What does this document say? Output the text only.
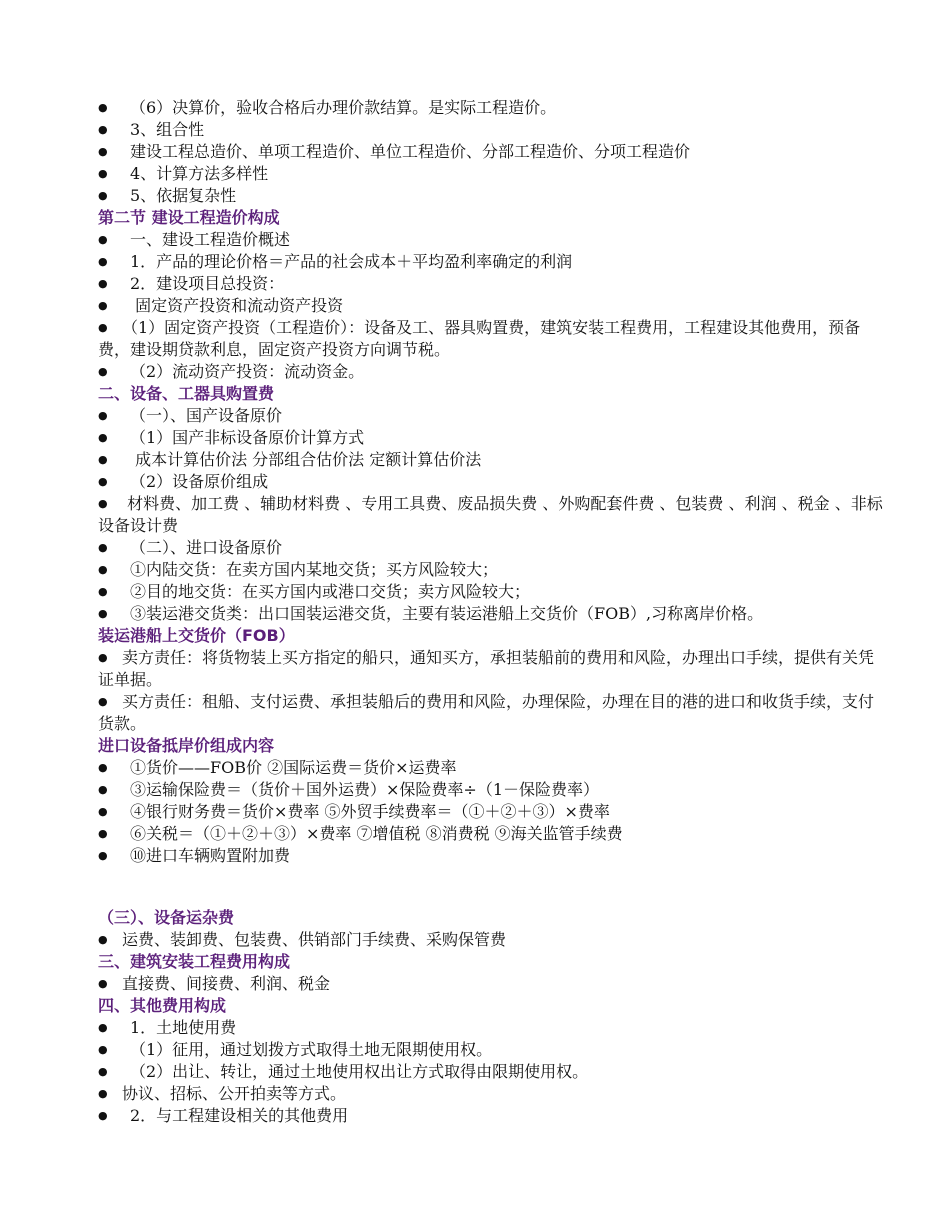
● （6）决算价，验收合格后办理价款结算。是实际工程造价。
● 3、组合性
● 建设工程总造价、单项工程造价、单位工程造价、分部工程造价、分项工程造价
● 4、计算方法多样性
● 5、依据复杂性
第二节 建设工程造价构成
● 一、建设工程造价概述
● 1．产品的理论价格＝产品的社会成本＋平均盈利率确定的利润
● 2．建设项目总投资：
● 固定资产投资和流动资产投资
● （1）固定资产投资（工程造价）：设备及工、器具购置费，建筑安装工程费用，工程建设其他费用，预备费，建设期贷款利息，固定资产投资方向调节税。
● （2）流动资产投资：流动资金。
二、设备、工器具购置费
● （一）、国产设备原价
● （1）国产非标设备原价计算方式
● 成本计算估价法 分部组合估价法 定额计算估价法
● （2）设备原价组成
● 材料费、加工费 、辅助材料费 、专用工具费、废品损失费 、外购配套件费 、包装费 、利润 、税金 、非标设备设计费
● （二）、进口设备原价
● ①内陆交货：在卖方国内某地交货；买方风险较大；
● ②目的地交货：在买方国内或港口交货；卖方风险较大；
● ③装运港交货类：出口国装运港交货，主要有装运港船上交货价（FOB）,习称离岸价格。
装运港船上交货价（FOB）
● 卖方责任：将货物装上买方指定的船只，通知买方，承担装船前的费用和风险，办理出口手续，提供有关凭证单据。
● 买方责任：租船、支付运费、承担装船后的费用和风险，办理保险，办理在目的港的进口和收货手续，支付货款。
进口设备抵岸价组成内容
● ①货价——FOB价 ②国际运费＝货价×运费率
● ③运输保险费＝（货价＋国外运费）×保险费率÷（1－保险费率）
● ④银行财务费＝货价×费率 ⑤外贸手续费率＝（①＋②＋③）×费率
● ⑥关税＝（①＋②＋③）×费率 ⑦增值税 ⑧消费税 ⑨海关监管手续费
● ⑩进口车辆购置附加费
（三）、设备运杂费
● 运费、装卸费、包装费、供销部门手续费、采购保管费
三、建筑安装工程费用构成
● 直接费、间接费、利润、税金
四、其他费用构成
● 1．土地使用费
● （1）征用，通过划拨方式取得土地无限期使用权。
● （2）出让、转让，通过土地使用权出让方式取得由限期使用权。
● 协议、招标、公开拍卖等方式。
● 2．与工程建设相关的其他费用
